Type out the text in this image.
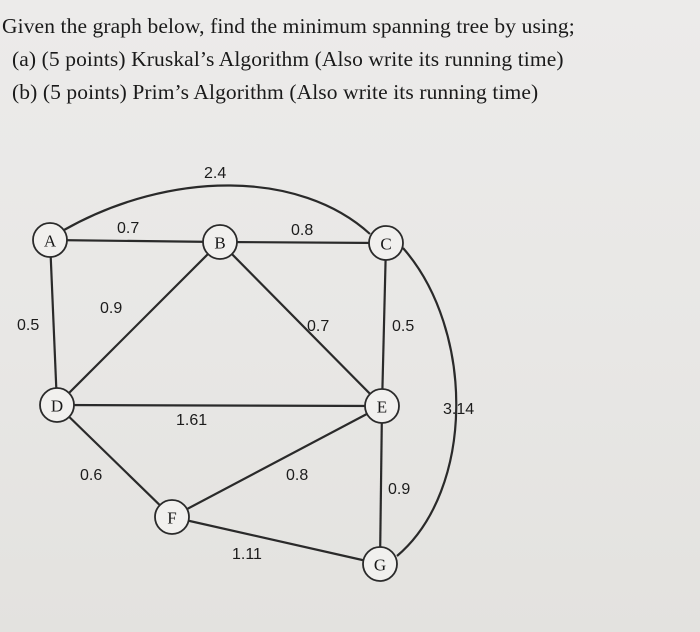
Given the graph below, find the minimum spanning tree by using;
(a) (5 points) Kruskal’s Algorithm (Also write its running time)
(b) (5 points) Prim’s Algorithm (Also write its running time)
0.7
0.5
2.4
0.8
0.9
0.7	0.5
3.14
1.61
0.6	0.8
0.9
1.11
A	B	C
D	E
F
G
